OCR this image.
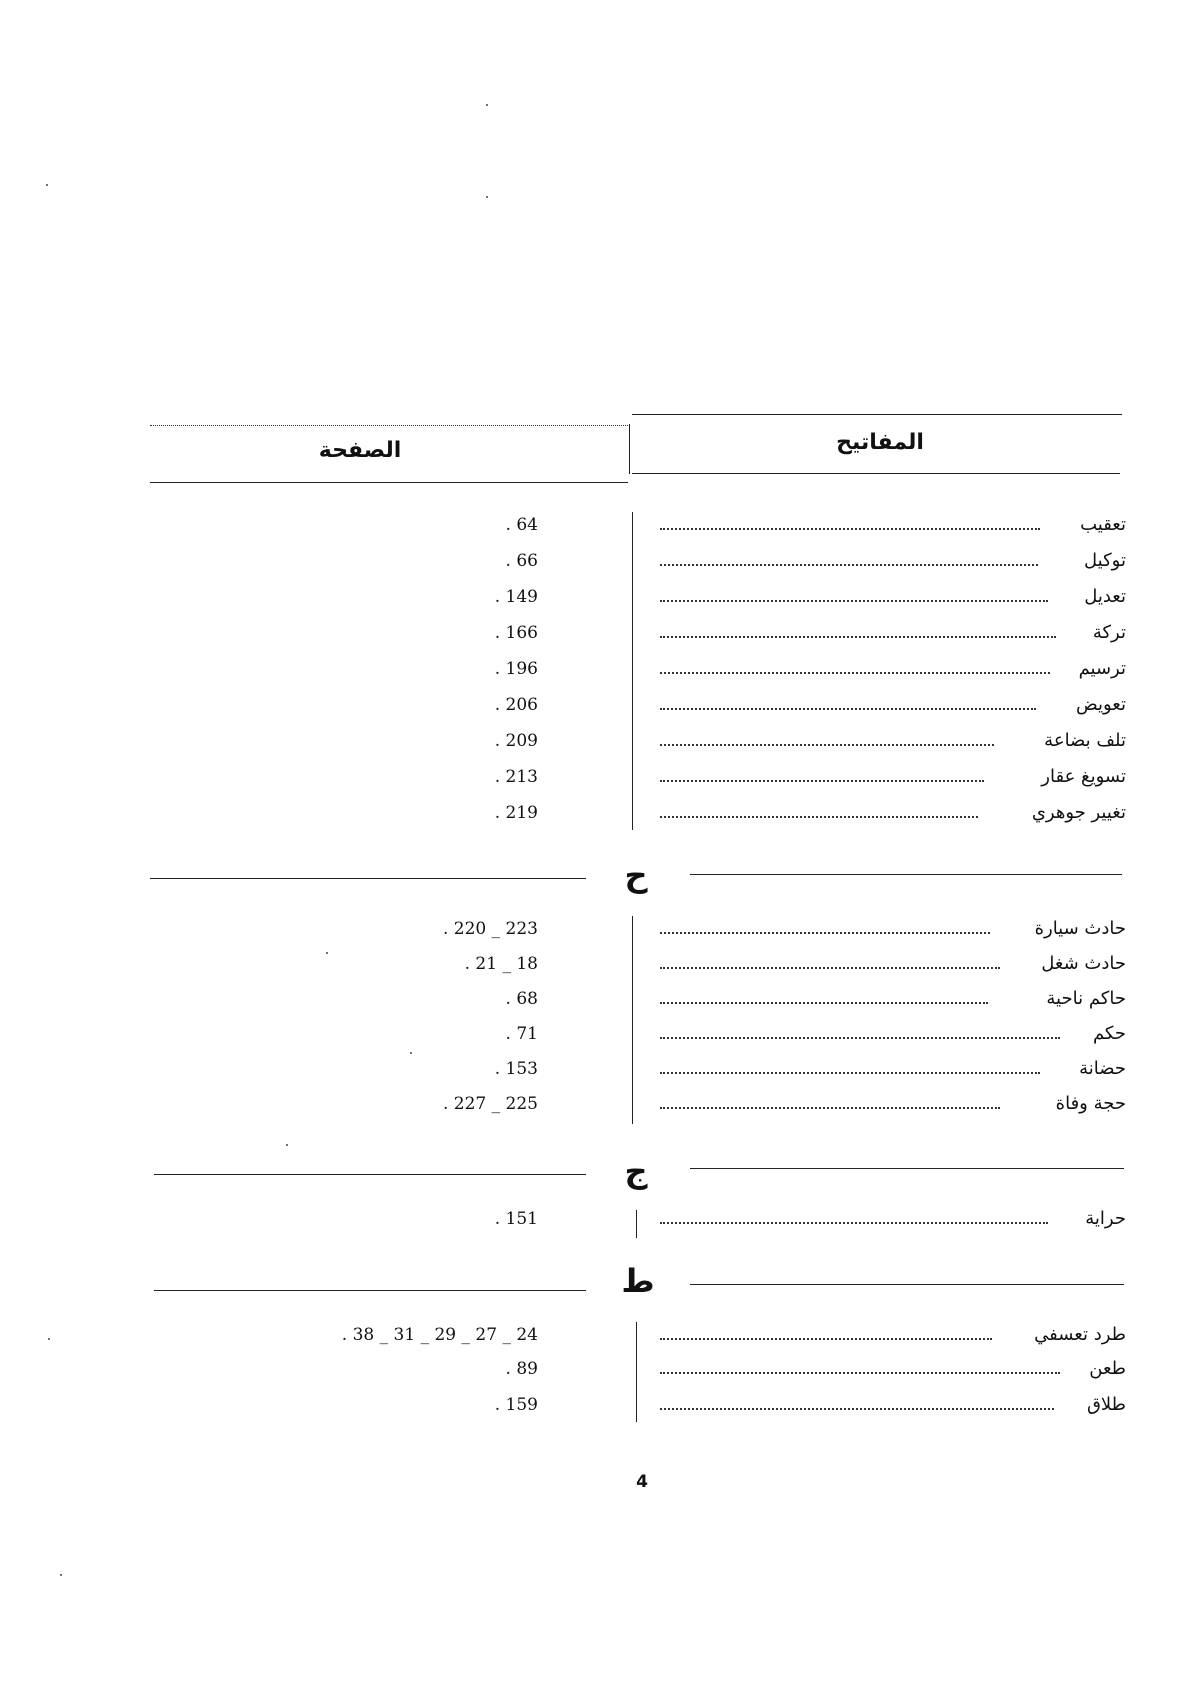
المفاتيح
الصفحة
تعقيب
. 64
توكيل
. 66
تعديل
. 149
تركة
. 166
ترسيم
. 196
تعويض
. 206
تلف بضاعة
. 209
تسويغ عقار
. 213
تغيير جوهري
. 219
ح
حادث سيارة
. 220 _ 223
حادث شغل
. 21 _ 18
حاكم ناحية
. 68
حكم
. 71
حضانة
. 153
حجة وفاة
. 227 _ 225
ج
حراية
. 151
ط
طرد تعسفي
. 38 _ 31 _ 29 _ 27 _ 24
طعن
. 89
طلاق
. 159
4
